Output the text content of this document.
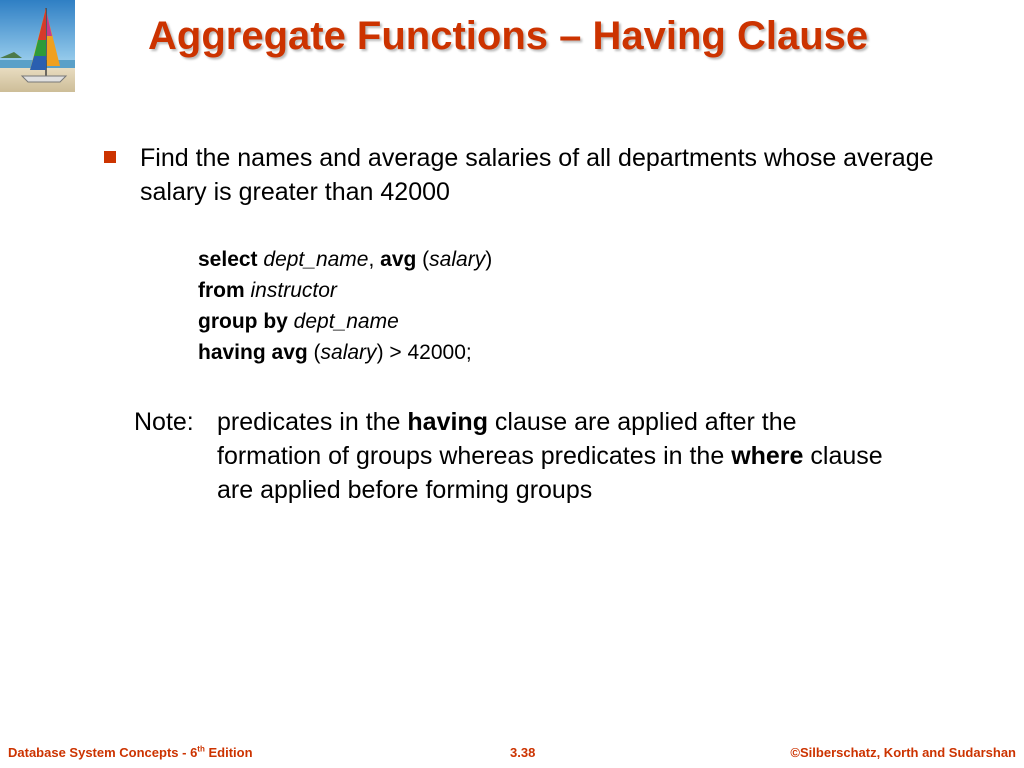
Aggregate Functions – Having Clause
Find the names and average salaries of all departments whose average salary is greater than 42000
select dept_name, avg (salary)
from instructor
group by dept_name
having avg (salary) > 42000;
Note: predicates in the having clause are applied after the formation of groups whereas predicates in the where clause are applied before forming groups
Database System Concepts - 6th Edition	3.38	©Silberschatz, Korth and Sudarshan
